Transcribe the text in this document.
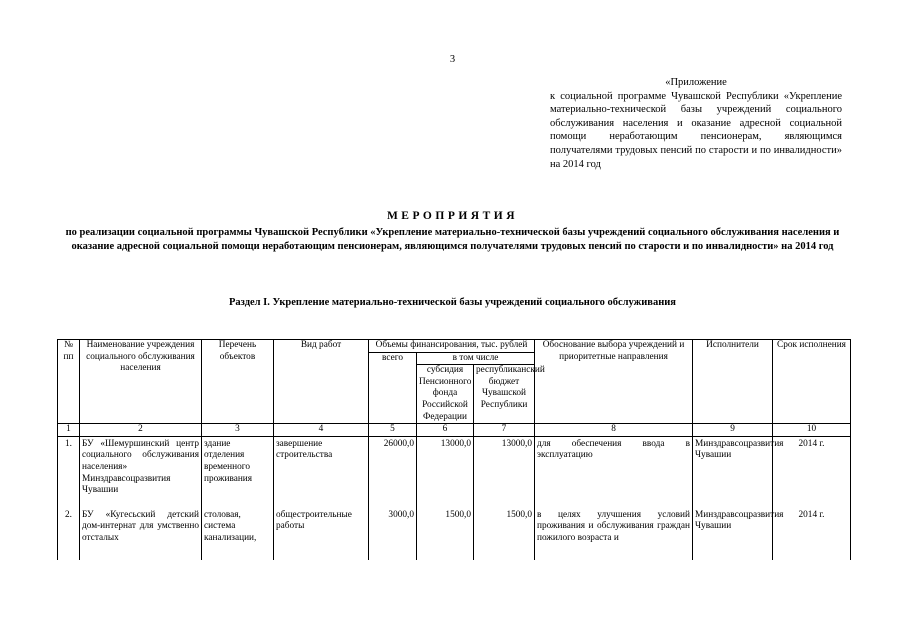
3
«Приложение

к социальной программе Чувашской Республики «Укрепление материально-технической базы учреждений социального обслуживания населения и оказание адресной социальной помощи неработающим пенсионерам, являющимся получателями трудовых пенсий по старости и по инвалидности» на 2014 год

МЕРОПРИЯТИЯ

по реализации социальной программы Чувашской Республики «Укрепление материально-технической базы учреждений социального обслуживания населения и оказание адресной социальной помощи неработающим пенсионерам, являющимся получателями трудовых пенсий по старости и по инвалидности» на 2014 год

Раздел I. Укрепление материально-технической базы учреждений социального обслуживания
№ пп	Наименование учреждения социального обслуживания населения	Перечень объектов	Вид работ	Объемы финансирования, тыс. рублей			Обоснование выбора учреждений и приоритетные направления	Исполнители	Срок исполнения
				всего	в том числе				
					субсидия Пенсионного фонда Российской Федерации	республиканский бюджет Чувашской Республики			
1	2	3	4	5	6	7	8	9	10
1.	БУ «Шемуршинский центр социального обслуживания населения» Минздравсоцразвития Чувашии	здание отделения временного проживания	завершение строительства	26000,0	13000,0	13000,0	для обеспечения ввода в эксплуатацию	Минздравсоцразвития Чувашии	2014 г.
2.	БУ «Кугесьский детский дом-интернат для умственно отсталых	столовая, система канализации,	общестроительные работы	3000,0	1500,0	1500,0	в целях улучшения условий проживания и обслуживания граждан пожилого возраста и	Минздравсоцразвития Чувашии	2014 г.
